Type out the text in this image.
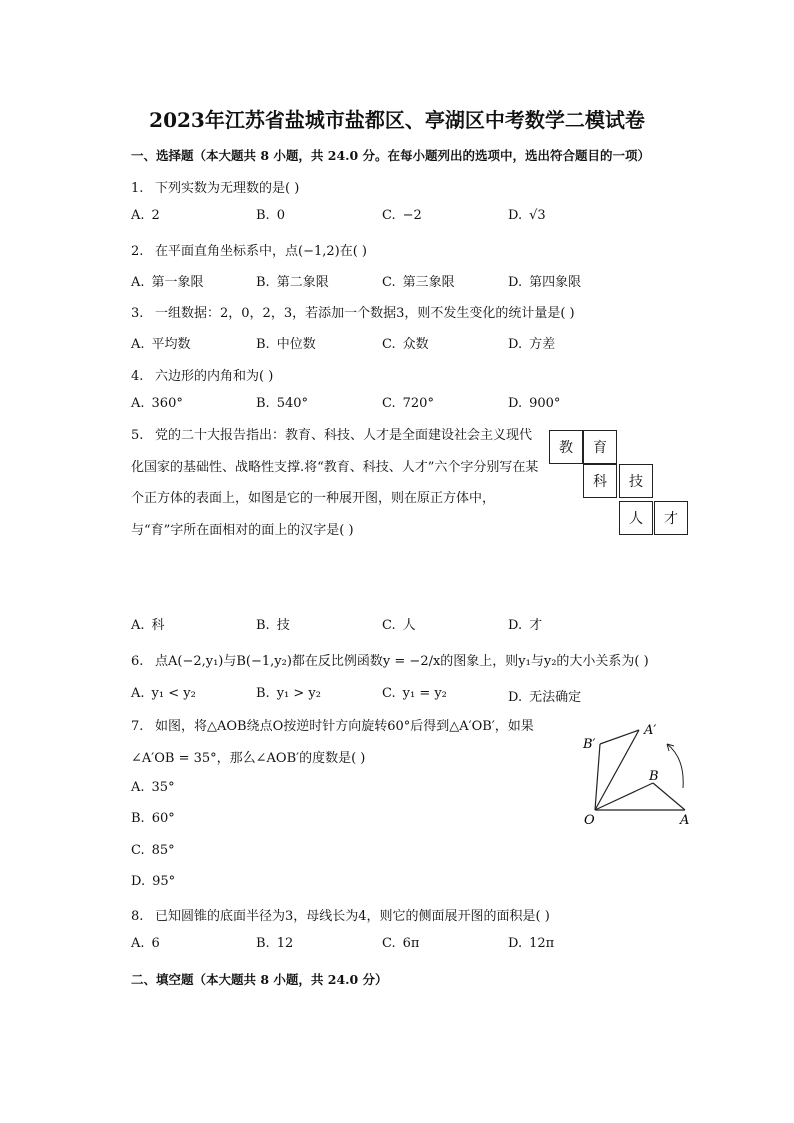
2023年江苏省盐城市盐都区、亭湖区中考数学二模试卷
一、选择题（本大题共 8 小题，共 24.0 分。在每小题列出的选项中，选出符合题目的一项）
1. 下列实数为无理数的是( )
A. 2	B. 0	C. −2	D. √3
2. 在平面直角坐标系中，点(−1,2)在( )
A. 第一象限	B. 第二象限	C. 第三象限	D. 第四象限
3. 一组数据：2，0，2，3，若添加一个数据3，则不发生变化的统计量是( )
A. 平均数	B. 中位数	C. 众数	D. 方差
4. 六边形的内角和为( )
A. 360°	B. 540°	C. 720°	D. 900°
5. 党的二十大报告指出：教育、科技、人才是全面建设社会主义现代化国家的基础性、战略性支撑.将“教育、科技、人才”六个字分别写在某个正方体的表面上，如图是它的一种展开图，则在原正方体中，与“育”字所在面相对的面上的汉字是( )
教	育
科	技
人	才
A. 科	B. 技	C. 人	D. 才
6. 点A(−2,y₁)与B(−1,y₂)都在反比例函数y = −2/x的图象上，则y₁与y₂的大小关系为( )
A. y₁ < y₂	B. y₁ > y₂	C. y₁ = y₂	D. 无法确定
7. 如图，将△AOB绕点O按逆时针方向旋转60°后得到△A′OB′，如果∠A′OB = 35°，那么∠AOB′的度数是( )
A′
B′
B
O	A
A. 35°
B. 60°
C. 85°
D. 95°
8. 已知圆锥的底面半径为3，母线长为4，则它的侧面展开图的面积是( )
A. 6	B. 12	C. 6π	D. 12π
二、填空题（本大题共 8 小题，共 24.0 分）
